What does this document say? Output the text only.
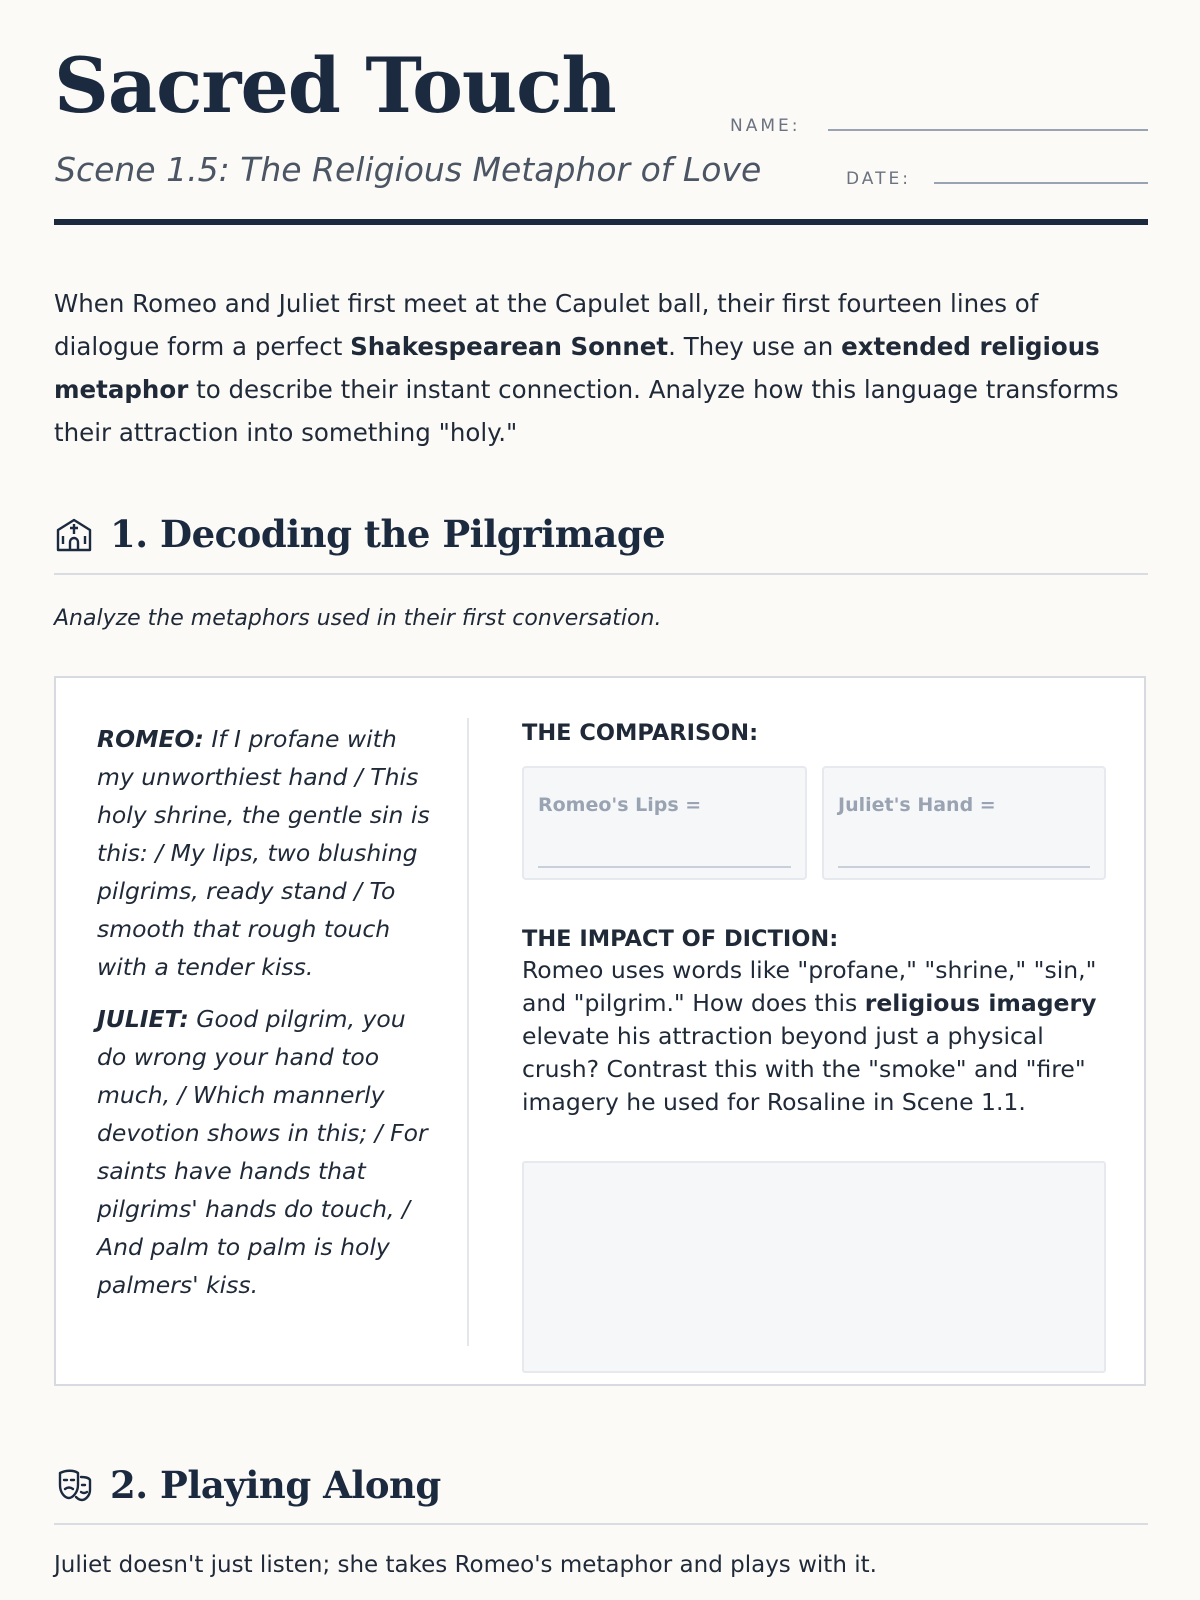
Sacred Touch
Scene 1.5: The Religious Metaphor of Love
NAME:
DATE:
When Romeo and Juliet first meet at the Capulet ball, their first fourteen lines of dialogue form a perfect Shakespearean Sonnet. They use an extended religious metaphor to describe their instant connection. Analyze how this language transforms their attraction into something "holy."
1. Decoding the Pilgrimage
Analyze the metaphors used in their first conversation.

ROMEO: If I profane with my unworthiest hand / This holy shrine, the gentle sin is this: / My lips, two blushing pilgrims, ready stand / To smooth that rough touch with a tender kiss.

JULIET: Good pilgrim, you do wrong your hand too much, / Which mannerly devotion shows in this; / For saints have hands that pilgrims' hands do touch, / And palm to palm is holy palmers' kiss.

THE COMPARISON:

Romeo's Lips =	Juliet's Hand =

THE IMPACT OF DICTION:

Romeo uses words like "profane," "shrine," "sin," and "pilgrim." How does this religious imagery elevate his attraction beyond just a physical crush? Contrast this with the "smoke" and "fire" imagery he used for Rosaline in Scene 1.1.

2. Playing Along
Juliet doesn't just listen; she takes Romeo's metaphor and plays with it.
